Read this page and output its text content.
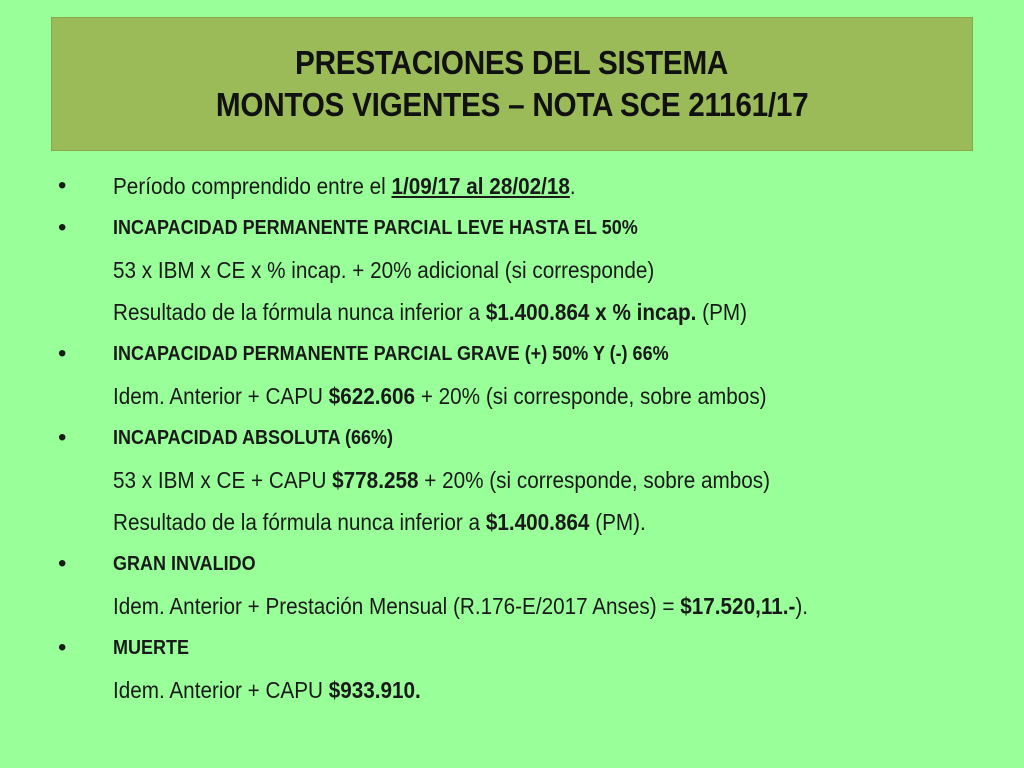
PRESTACIONES DEL SISTEMA
MONTOS VIGENTES – NOTA SCE 21161/17
• Período comprendido entre el 1/09/17 al 28/02/18.
• INCAPACIDAD PERMANENTE PARCIAL LEVE HASTA EL 50%
53 x IBM x CE x % incap. + 20% adicional (si corresponde)
Resultado de la fórmula nunca inferior a $1.400.864 x % incap. (PM)
• INCAPACIDAD PERMANENTE PARCIAL GRAVE (+) 50% Y (-) 66%
Idem. Anterior + CAPU $622.606 + 20% (si corresponde, sobre ambos)
• INCAPACIDAD ABSOLUTA (66%)
53 x IBM x CE + CAPU $778.258 + 20% (si corresponde, sobre ambos)
Resultado de la fórmula nunca inferior a $1.400.864 (PM).
• GRAN INVALIDO
Idem. Anterior + Prestación Mensual (R.176-E/2017 Anses) = $17.520,11.-).
• MUERTE
Idem. Anterior + CAPU $933.910.
